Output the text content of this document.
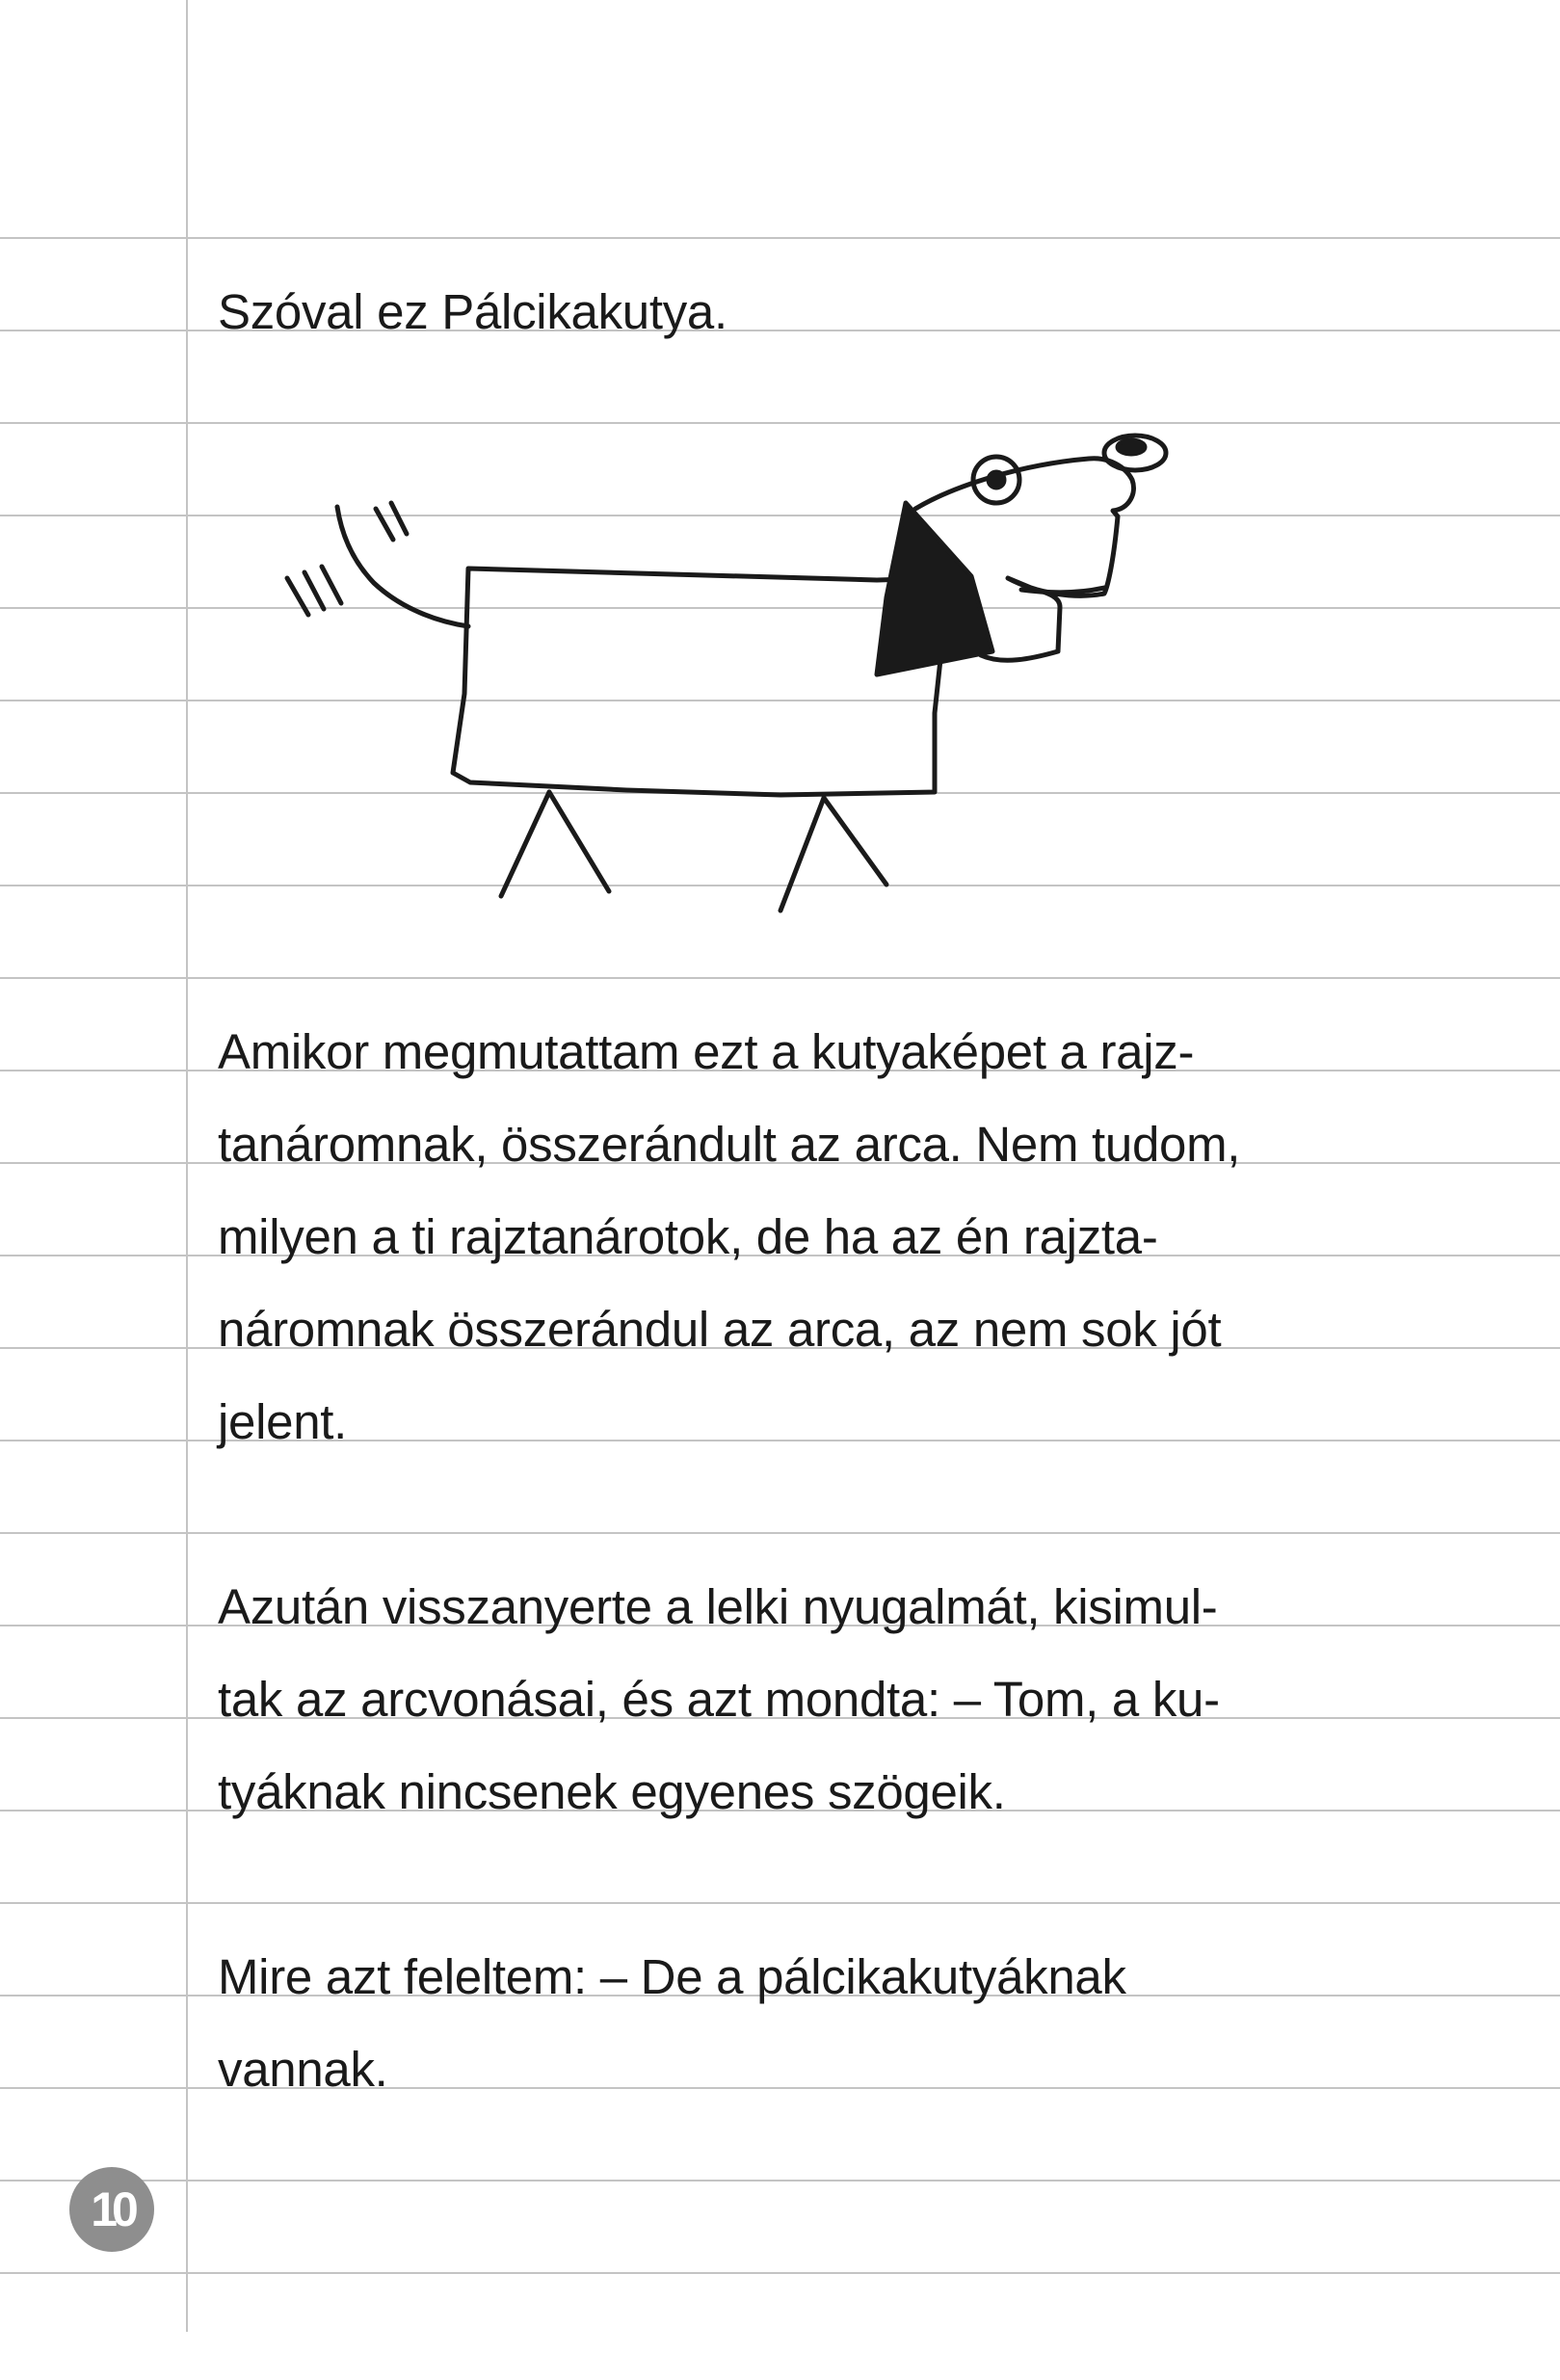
Szóval ez Pálcikakutya.
Amikor megmutattam ezt a kutyaképet a rajz-
tanáromnak, összerándult az arca. Nem tudom,
milyen a ti rajztanárotok, de ha az én rajzta-
náromnak összerándul az arca, az nem sok jót
jelent.
Azután visszanyerte a lelki nyugalmát, kisimul-
tak az arcvonásai, és azt mondta: – Tom, a ku-
tyáknak nincsenek egyenes szögeik.
Mire azt feleltem: – De a pálcikakutyáknak
vannak.
10
